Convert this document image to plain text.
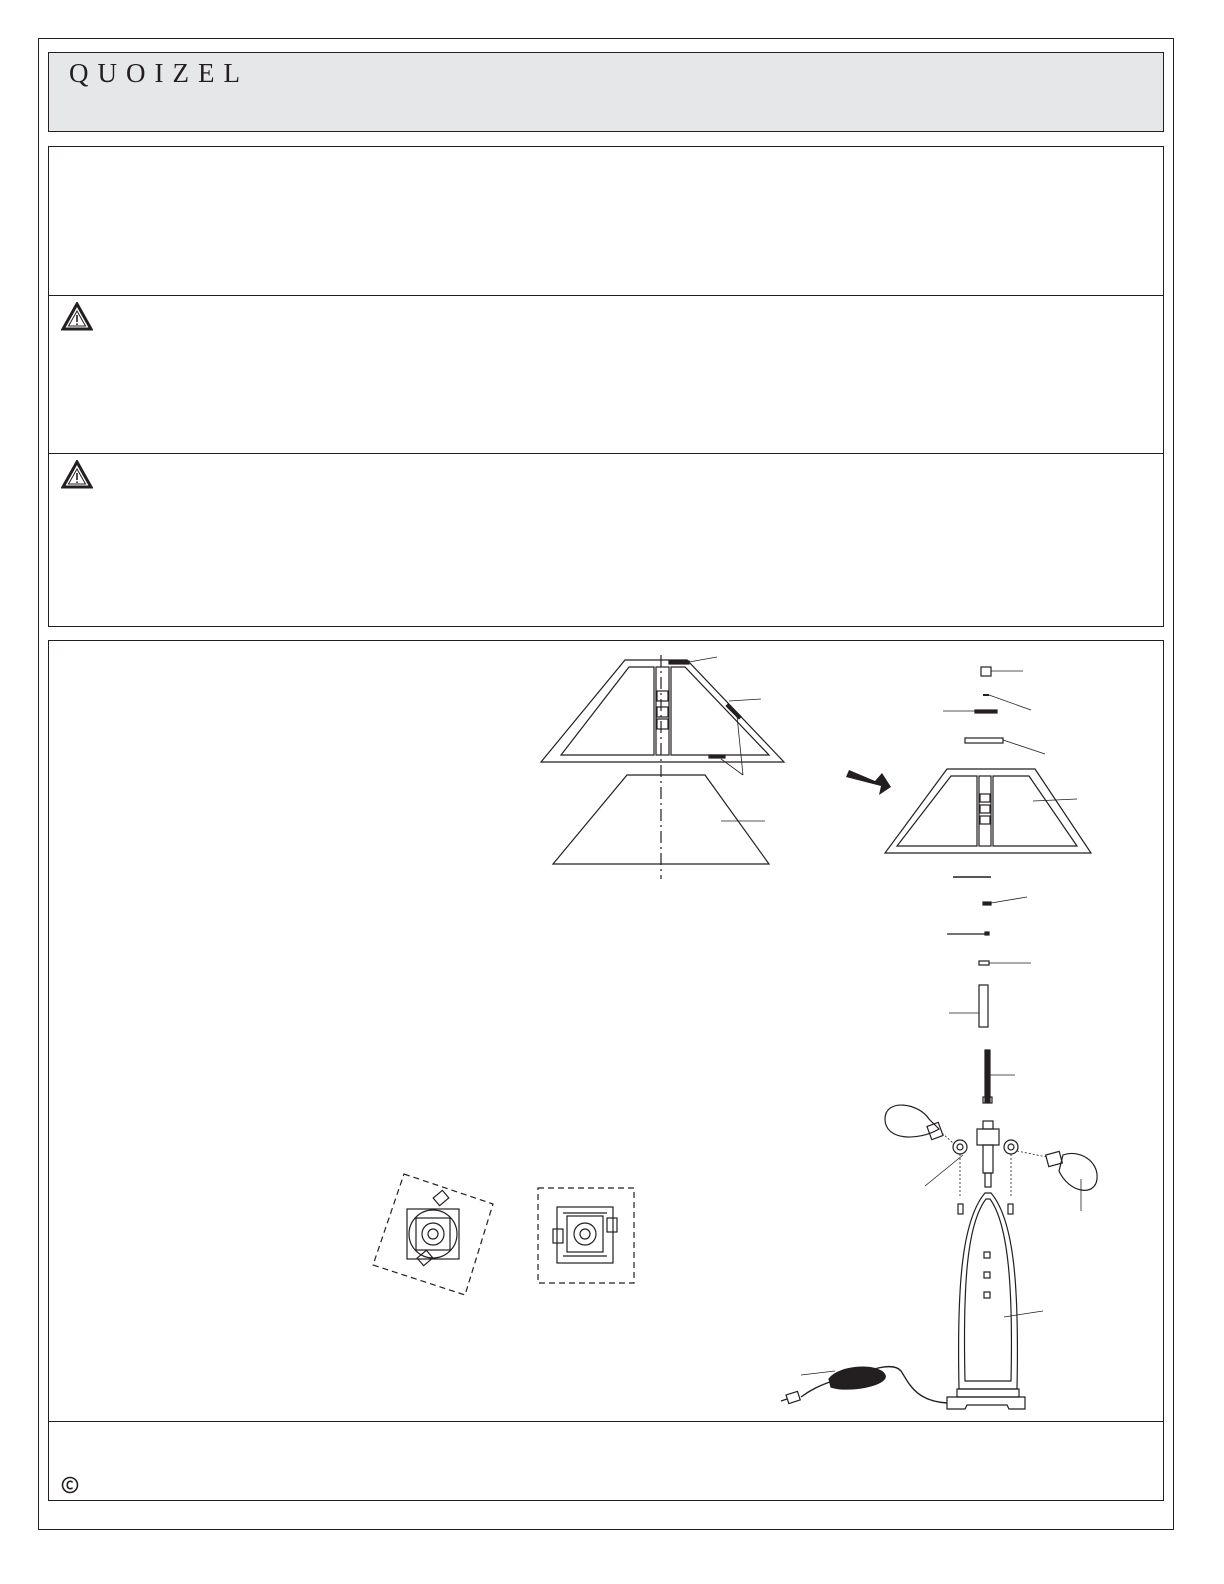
QUOIZEL
